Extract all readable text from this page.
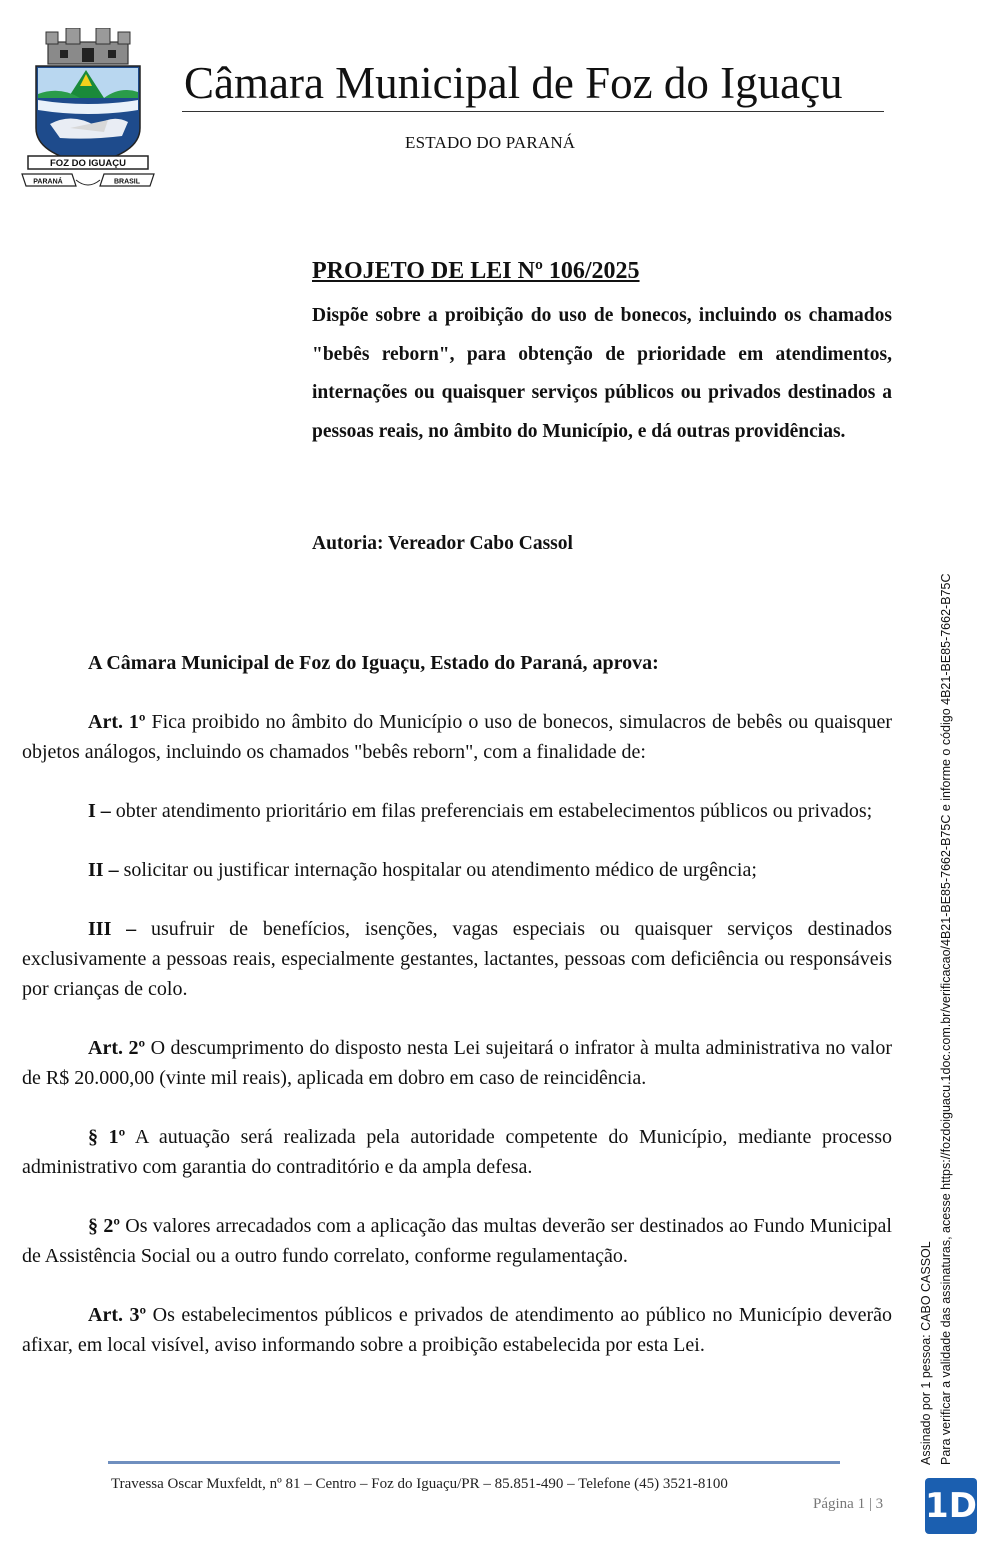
FOZ DO IGUAÇU
PARANÁ	BRASIL
Câmara Municipal de Foz do Iguaçu
ESTADO DO PARANÁ
PROJETO DE LEI Nº 106/2025

Dispõe sobre a proibição do uso de bonecos, incluindo os chamados "bebês reborn", para obtenção de prioridade em atendimentos, internações ou quaisquer serviços públicos ou privados destinados a pessoas reais, no âmbito do Município, e dá outras providências.

Autoria: Vereador Cabo Cassol

A Câmara Municipal de Foz do Iguaçu, Estado do Paraná, aprova:

Art. 1º Fica proibido no âmbito do Município o uso de bonecos, simulacros de bebês ou quaisquer objetos análogos, incluindo os chamados "bebês reborn", com a finalidade de:

I – obter atendimento prioritário em filas preferenciais em estabelecimentos públicos ou privados;

II – solicitar ou justificar internação hospitalar ou atendimento médico de urgência;

III – usufruir de benefícios, isenções, vagas especiais ou quaisquer serviços destinados exclusivamente a pessoas reais, especialmente gestantes, lactantes, pessoas com deficiência ou responsáveis por crianças de colo.

Art. 2º O descumprimento do disposto nesta Lei sujeitará o infrator à multa administrativa no valor de R$ 20.000,00 (vinte mil reais), aplicada em dobro em caso de reincidência.

§ 1º A autuação será realizada pela autoridade competente do Município, mediante processo administrativo com garantia do contraditório e da ampla defesa.

§ 2º Os valores arrecadados com a aplicação das multas deverão ser destinados ao Fundo Municipal de Assistência Social ou a outro fundo correlato, conforme regulamentação.

Art. 3º Os estabelecimentos públicos e privados de atendimento ao público no Município deverão afixar, em local visível, aviso informando sobre a proibição estabelecida por esta Lei.

Travessa Oscar Muxfeldt, nº 81 – Centro – Foz do Iguaçu/PR – 85.851-490 – Telefone (45) 3521-8100
Página 1 | 3 1D
Assinado por 1 pessoa: CABO CASSOL Para verificar a validade das assinaturas, acesse https://fozdoiguacu.1doc.com.br/verificacao/4B21-BE85-7662-B75C e informe o código 4B21-BE85-7662-B75C
